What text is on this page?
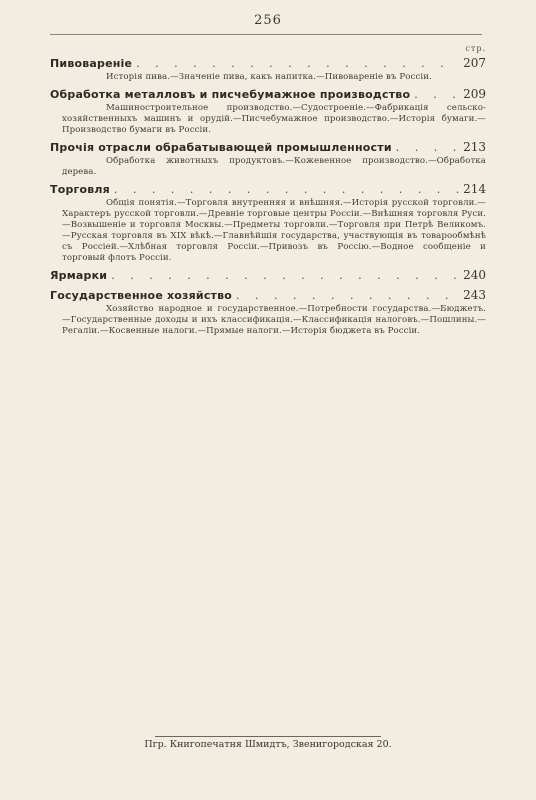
256
стр.
Пивовареніе . . .	207

Исторія пива.—Значеніе пива, какъ напитка.—Пивовареніе въ Россіи.

Обработка металловъ и писчебумажное производство . . .	209

Машиностроительное производство.—Судостроеніе.—Фабрикація сельско-хозяйственныхъ машинъ и орудій.—Писчебумажное производство.—Исторія бумаги.—Производство бумаги въ Россіи.

Прочія отрасли обрабатывающей промышленности . . .	213

Обработка животныхъ продуктовъ.—Кожевенное производство.—Обработка дерева.

Торговля . . .	214

Общія понятія.—Торговля внутренняя и внѣшняя.—Исторія русской торговли.—Характеръ русской торговли.—Древніе торговые центры Россіи.—Внѣшняя торговля Руси.—Возвышеніе и торговля Москвы.—Предметы торговли.—Торговля при Петрѣ Великомъ.—Русская торговля въ XIX вѣкѣ.—Главнѣйшія государства, участвующія въ товарообмѣнѣ съ Россіей.—Хлѣбная торговля Россіи.—Привозъ въ Россію.—Водное сообщеніе и торговый флотъ Россіи.

Ярмарки . . .	240
Государственное хозяйство . . .	243

Хозяйство народное и государственное.—Потребности государства.—Бюджетъ.—Государственные доходы и ихъ классификація.—Классификація налоговъ.—Пошлины.—Регаліи.—Косвенные налоги.—Прямые налоги.—Исторія бюджета въ Россіи.

Пгр. Книгопечатня Шмидтъ, Звенигородская 20.
